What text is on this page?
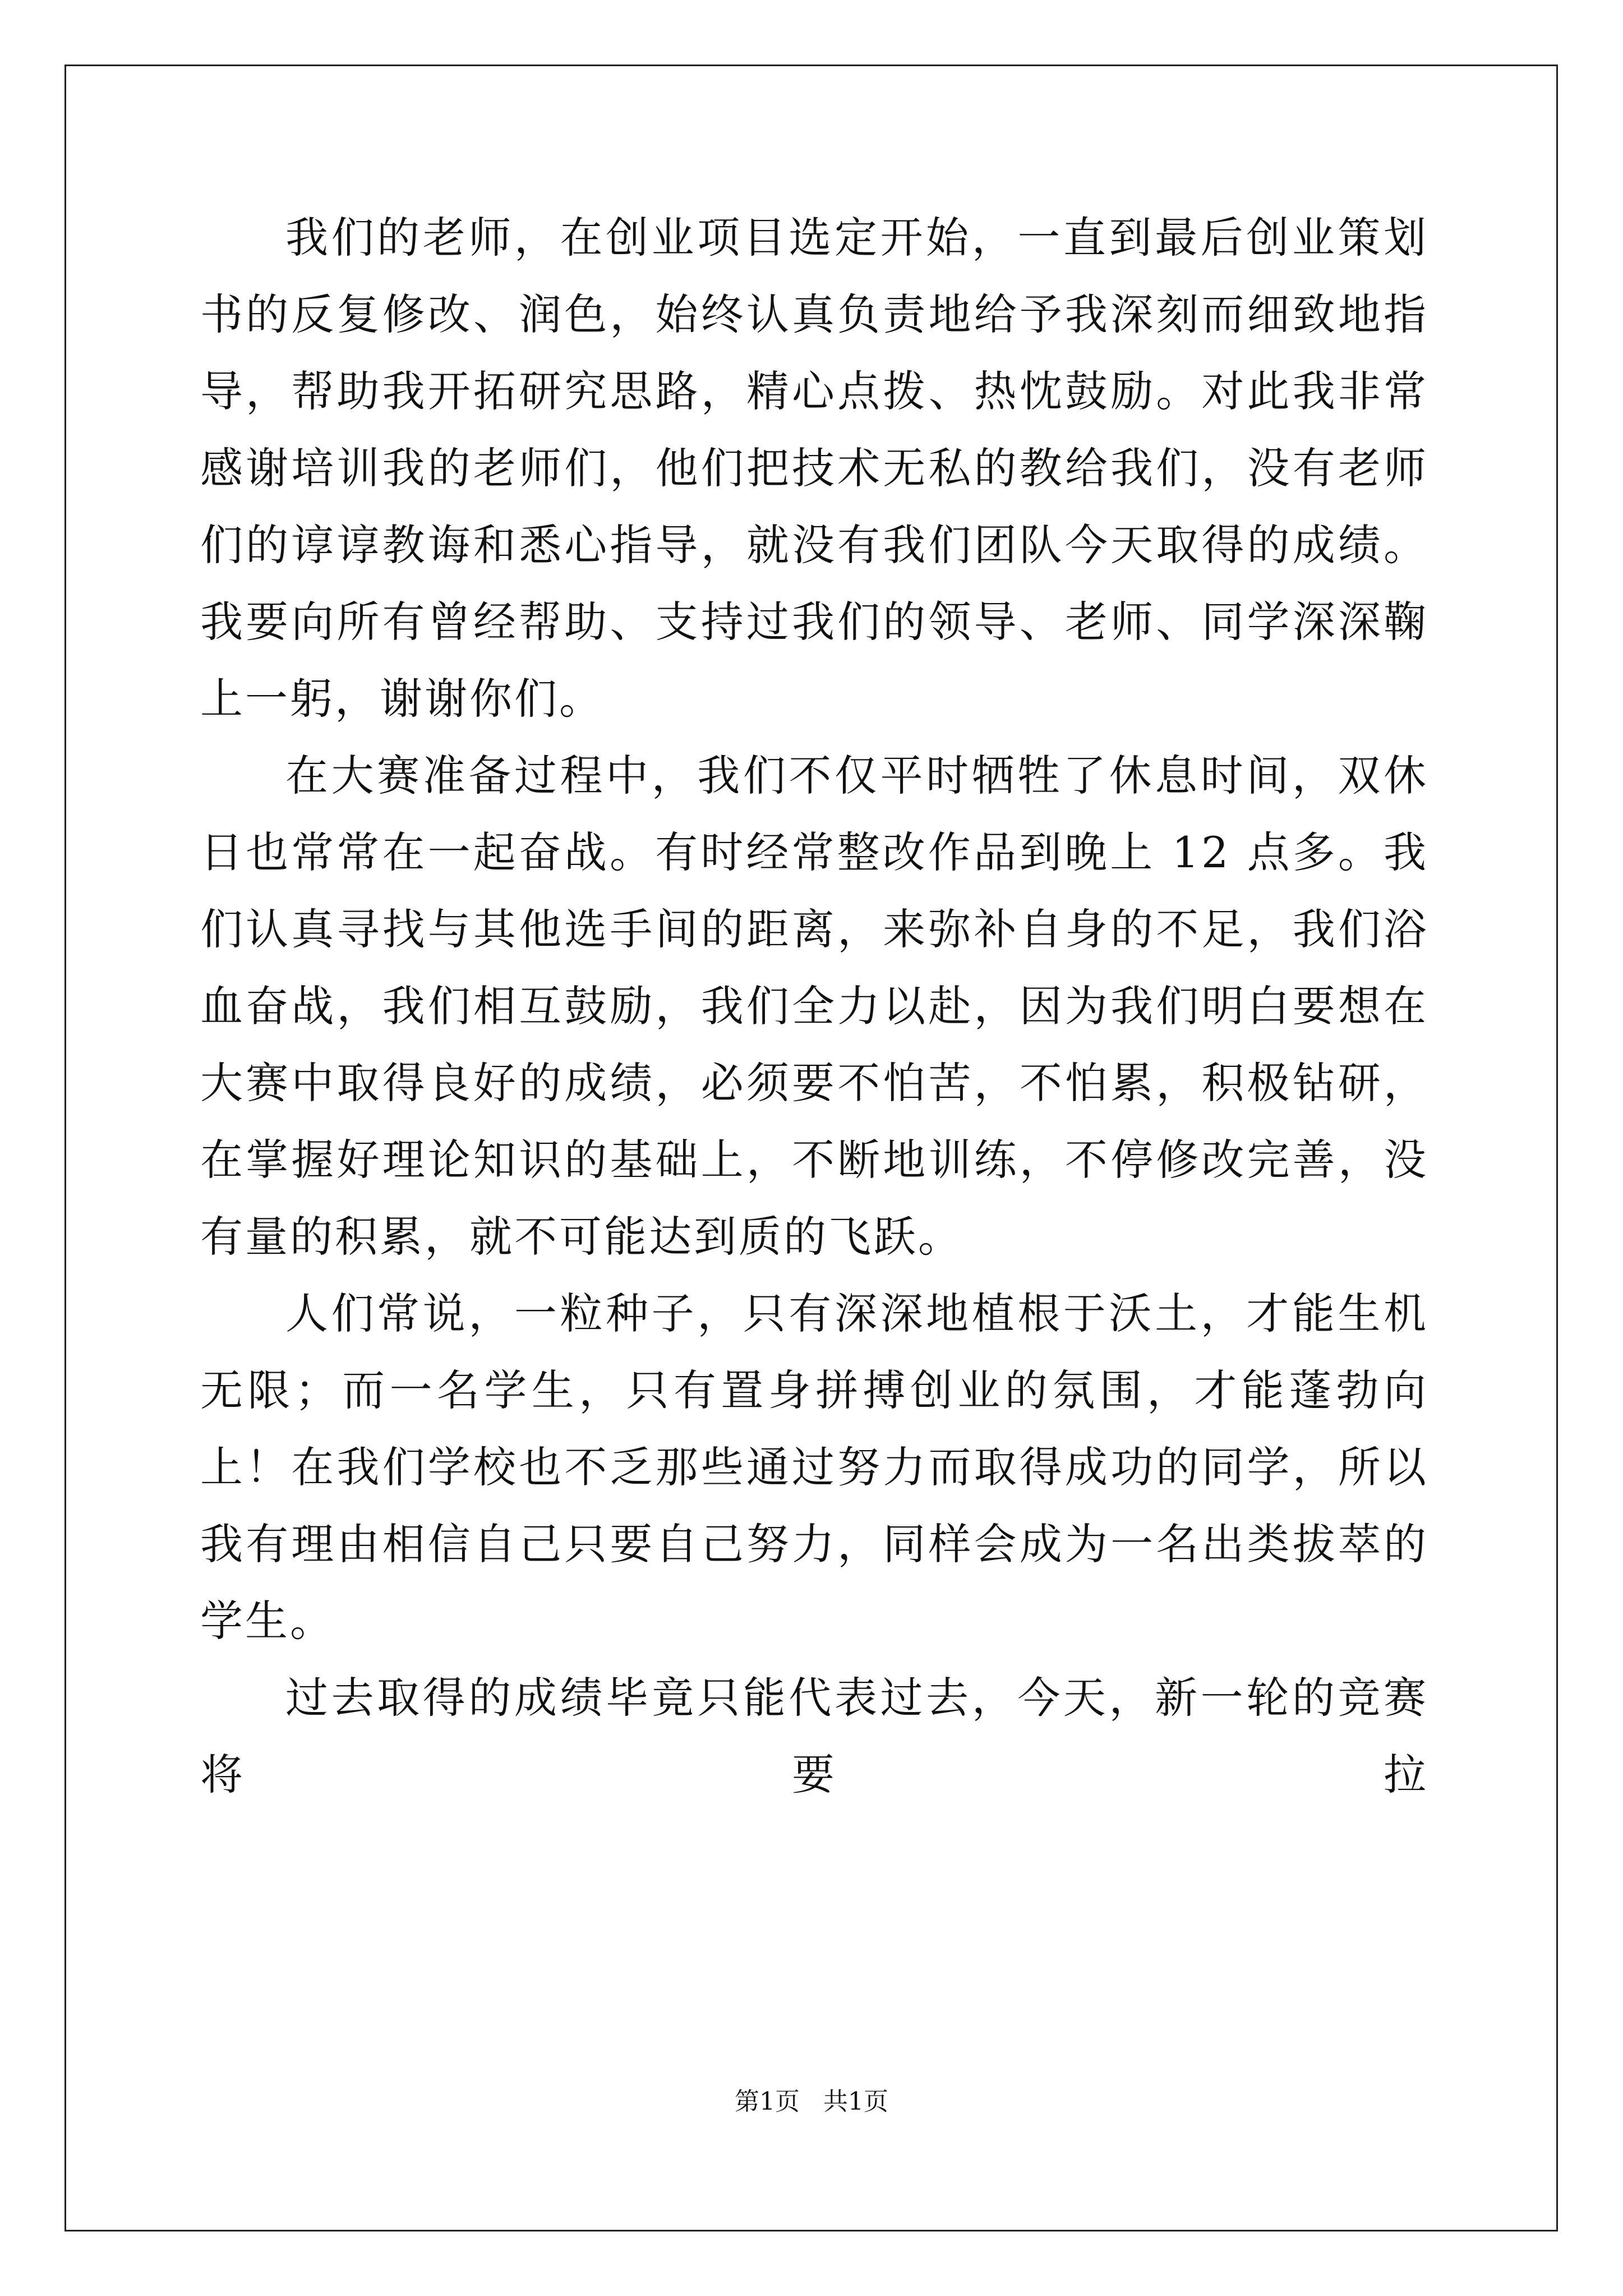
我们的老师，在创业项目选定开始，一直到最后创业策划书的反复修改、润色，始终认真负责地给予我深刻而细致地指导，帮助我开拓研究思路，精心点拨、热忱鼓励。对此我非常感谢培训我的老师们，他们把技术无私的教给我们，没有老师们的谆谆教诲和悉心指导，就没有我们团队今天取得的成绩。我要向所有曾经帮助、支持过我们的领导、老师、同学深深鞠上一躬，谢谢你们。

在大赛准备过程中，我们不仅平时牺牲了休息时间，双休日也常常在一起奋战。有时经常整改作品到晚上 12 点多。我们认真寻找与其他选手间的距离，来弥补自身的不足，我们浴血奋战，我们相互鼓励，我们全力以赴，因为我们明白要想在大赛中取得良好的成绩，必须要不怕苦，不怕累，积极钻研，在掌握好理论知识的基础上，不断地训练，不停修改完善，没有量的积累，就不可能达到质的飞跃。

人们常说，一粒种子，只有深深地植根于沃土，才能生机无限；而一名学生，只有置身拼搏创业的氛围，才能蓬勃向上！在我们学校也不乏那些通过努力而取得成功的同学，所以我有理由相信自己只要自己努力，同样会成为一名出类拔萃的学生。

过去取得的成绩毕竟只能代表过去，今天，新一轮的竞赛将要拉

第1页   共1页
